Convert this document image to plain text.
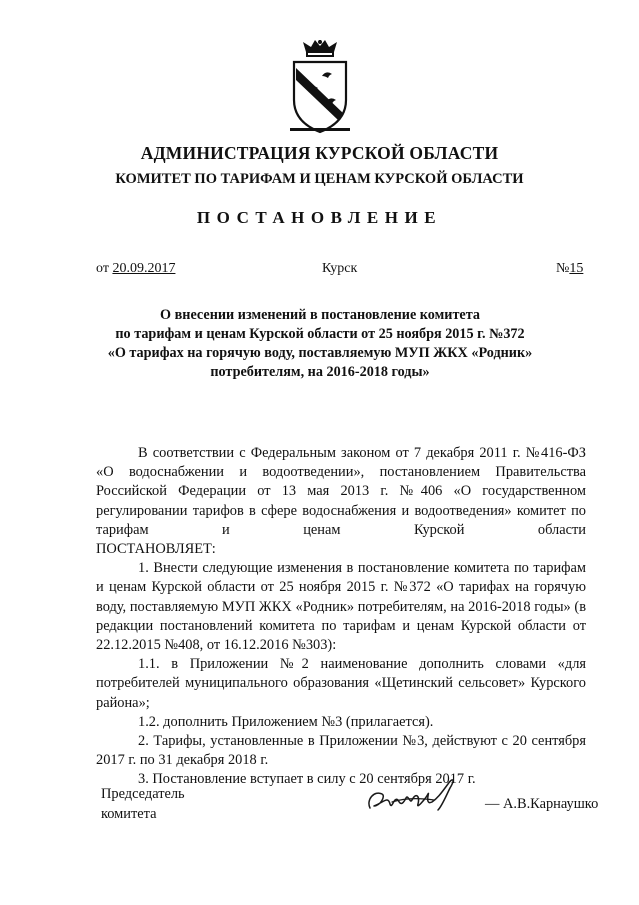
АДМИНИСТРАЦИЯ КУРСКОЙ ОБЛАСТИ
КОМИТЕТ ПО ТАРИФАМ И ЦЕНАМ КУРСКОЙ ОБЛАСТИ
ПОСТАНОВЛЕНИЕ
от 20.09.2017	Курск	№15
О внесении изменений в постановление комитета
по тарифам и ценам Курской области от 25 ноября 2015 г. №372
«О тарифах на горячую воду, поставляемую МУП ЖКХ «Родник»
потребителям, на 2016-2018 годы»

В соответствии с Федеральным законом от 7 декабря 2011 г. №416-ФЗ «О водоснабжении и водоотведении», постановлением Правительства Российской Федерации от 13 мая 2013 г. №406 «О государственном регулировании тарифов в сфере водоснабжения и водоотведения» комитет по тарифам и ценам Курской области

ПОСТАНОВЛЯЕТ:

1. Внести следующие изменения в постановление комитета по тарифам и ценам Курской области от 25 ноября 2015 г. №372 «О тарифах на горячую воду, поставляемую МУП ЖКХ «Родник» потребителям, на 2016-2018 годы» (в редакции постановлений комитета по тарифам и ценам Курской области от 22.12.2015 №408, от 16.12.2016 №303):

1.1. в Приложении №2 наименование дополнить словами «для потребителей муниципального образования «Щетинский сельсовет» Курского района»;

1.2. дополнить Приложением №3 (прилагается).

2. Тарифы, установленные в Приложении №3, действуют с 20 сентября 2017 г. по 31 декабря 2018 г.

3. Постановление вступает в силу с 20 сентября 2017 г.

Председатель
комитета
— А.В.Карнаушко
